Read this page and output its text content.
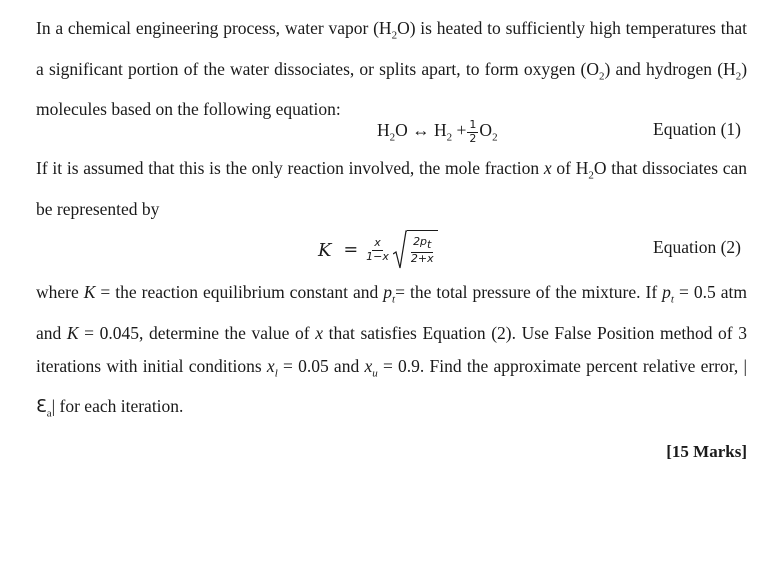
In a chemical engineering process, water vapor $(H_2O)$ is heated to sufficiently high temperatures that a significant portion of the water dissociates, or splits apart, to form oxygen $(O_2)$ and hydrogen $(H_2)$ molecules based on the following equation:

$H_2O$ ↔ $H_2 + \frac{1}{2} O_2$	Equation (1)

If it is assumed that this is the only reaction involved, the mole fraction x of $H_2O$ that dissociates can be represented by

$K = \frac{x}{1-x} \frac{2p_t}{2+x}$	Equation (2)

where K = the reaction equilibrium constant and $p_t=$ the total pressure of the mixture. If $p_t = 0.5$ atm and K = 0.045, determine the value of x that satisfies Equation (2). Use False Position method of 3 iterations with initial conditions $x_l = 0.05$ and $x_u = 0.9$. Find the approximate percent relative error, |ℇ$_a$| for each iteration.

[15 Marks]
